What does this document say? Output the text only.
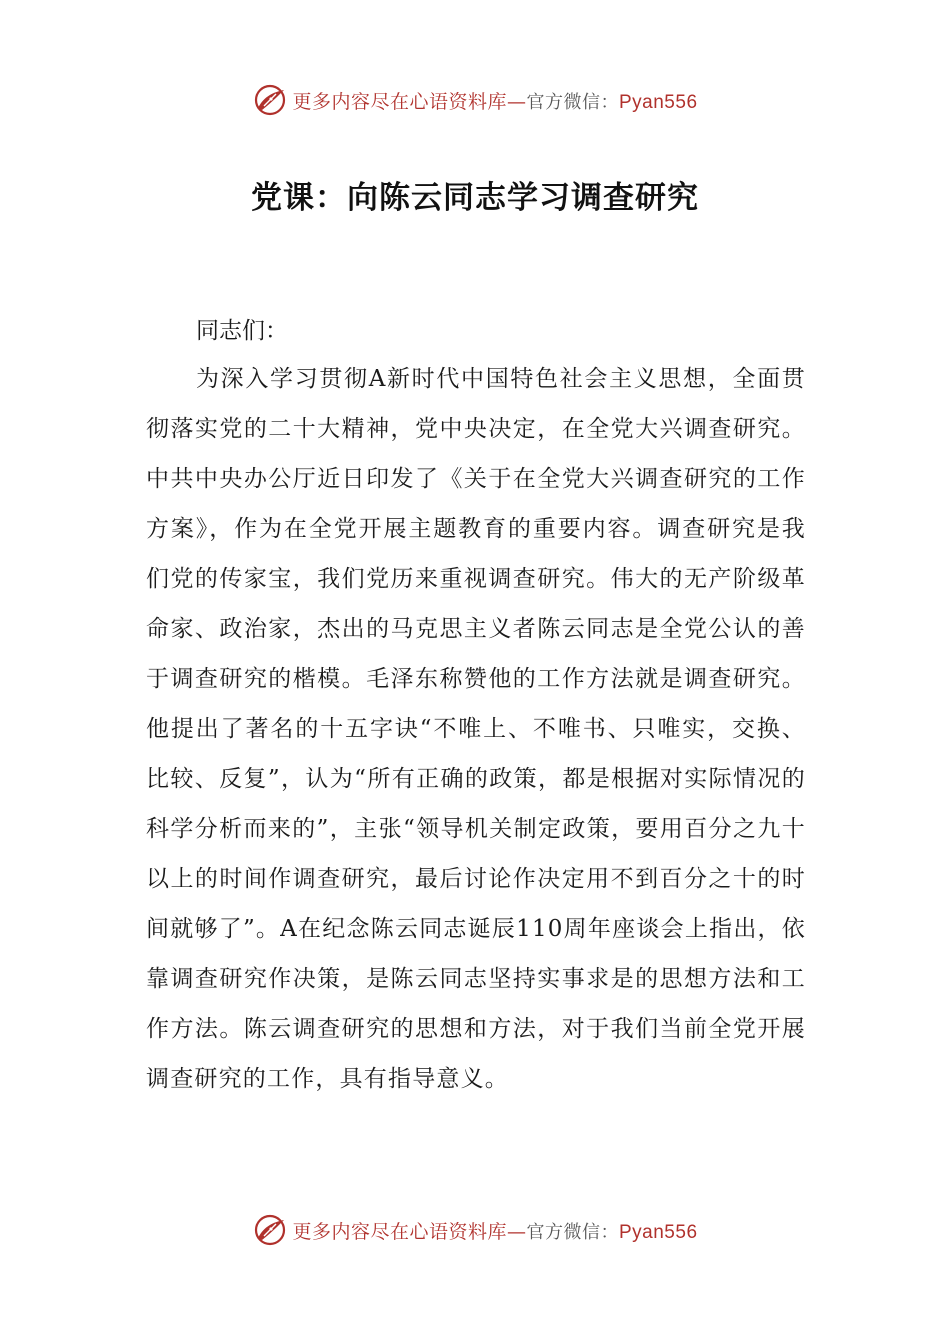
更多内容尽在心语资料库—官方微信：Pyan556
党课：向陈云同志学习调查研究
同志们：

为深入学习贯彻A新时代中国特色社会主义思想，全面贯彻落实党的二十大精神，党中央决定，在全党大兴调查研究。中共中央办公厅近日印发了《关于在全党大兴调查研究的工作方案》，作为在全党开展主题教育的重要内容。调查研究是我们党的传家宝，我们党历来重视调查研究。伟大的无产阶级革命家、政治家，杰出的马克思主义者陈云同志是全党公认的善于调查研究的楷模。毛泽东称赞他的工作方法就是调查研究。他提出了著名的十五字诀“不唯上、不唯书、只唯实，交换、比较、反复”，认为“所有正确的政策，都是根据对实际情况的科学分析而来的”，主张“领导机关制定政策，要用百分之九十以上的时间作调查研究，最后讨论作决定用不到百分之十的时间就够了”。A在纪念陈云同志诞辰110周年座谈会上指出，依靠调查研究作决策，是陈云同志坚持实事求是的思想方法和工作方法。陈云调查研究的思想和方法，对于我们当前全党开展调查研究的工作，具有指导意义。

更多内容尽在心语资料库—官方微信：Pyan556
